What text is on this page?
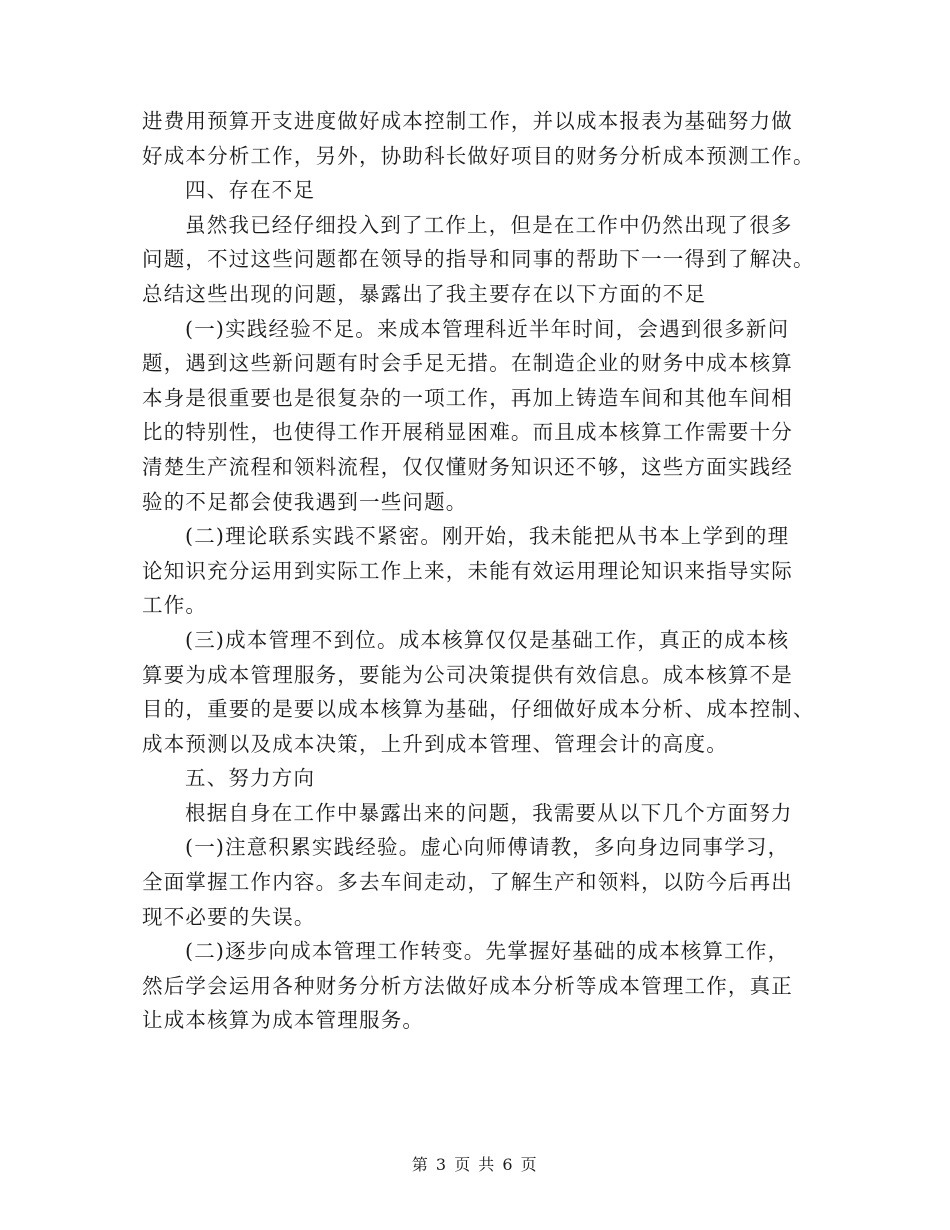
进费用预算开支进度做好成本控制工作，并以成本报表为基础努力做
好成本分析工作，另外，协助科长做好项目的财务分析成本预测工作。
四、存在不足
虽然我已经仔细投入到了工作上，但是在工作中仍然出现了很多
问题，不过这些问题都在领导的指导和同事的帮助下一一得到了解决。
总结这些出现的问题，暴露出了我主要存在以下方面的不足
(一)实践经验不足。来成本管理科近半年时间，会遇到很多新问
题，遇到这些新问题有时会手足无措。在制造企业的财务中成本核算
本身是很重要也是很复杂的一项工作，再加上铸造车间和其他车间相
比的特别性，也使得工作开展稍显困难。而且成本核算工作需要十分
清楚生产流程和领料流程，仅仅懂财务知识还不够，这些方面实践经
验的不足都会使我遇到一些问题。
(二)理论联系实践不紧密。刚开始，我未能把从书本上学到的理
论知识充分运用到实际工作上来，未能有效运用理论知识来指导实际
工作。
(三)成本管理不到位。成本核算仅仅是基础工作，真正的成本核
算要为成本管理服务，要能为公司决策提供有效信息。成本核算不是
目的，重要的是要以成本核算为基础，仔细做好成本分析、成本控制、
成本预测以及成本决策，上升到成本管理、管理会计的高度。
五、努力方向
根据自身在工作中暴露出来的问题，我需要从以下几个方面努力
(一)注意积累实践经验。虚心向师傅请教，多向身边同事学习，
全面掌握工作内容。多去车间走动，了解生产和领料，以防今后再出
现不必要的失误。
(二)逐步向成本管理工作转变。先掌握好基础的成本核算工作，
然后学会运用各种财务分析方法做好成本分析等成本管理工作，真正
让成本核算为成本管理服务。
第 3 页 共 6 页
